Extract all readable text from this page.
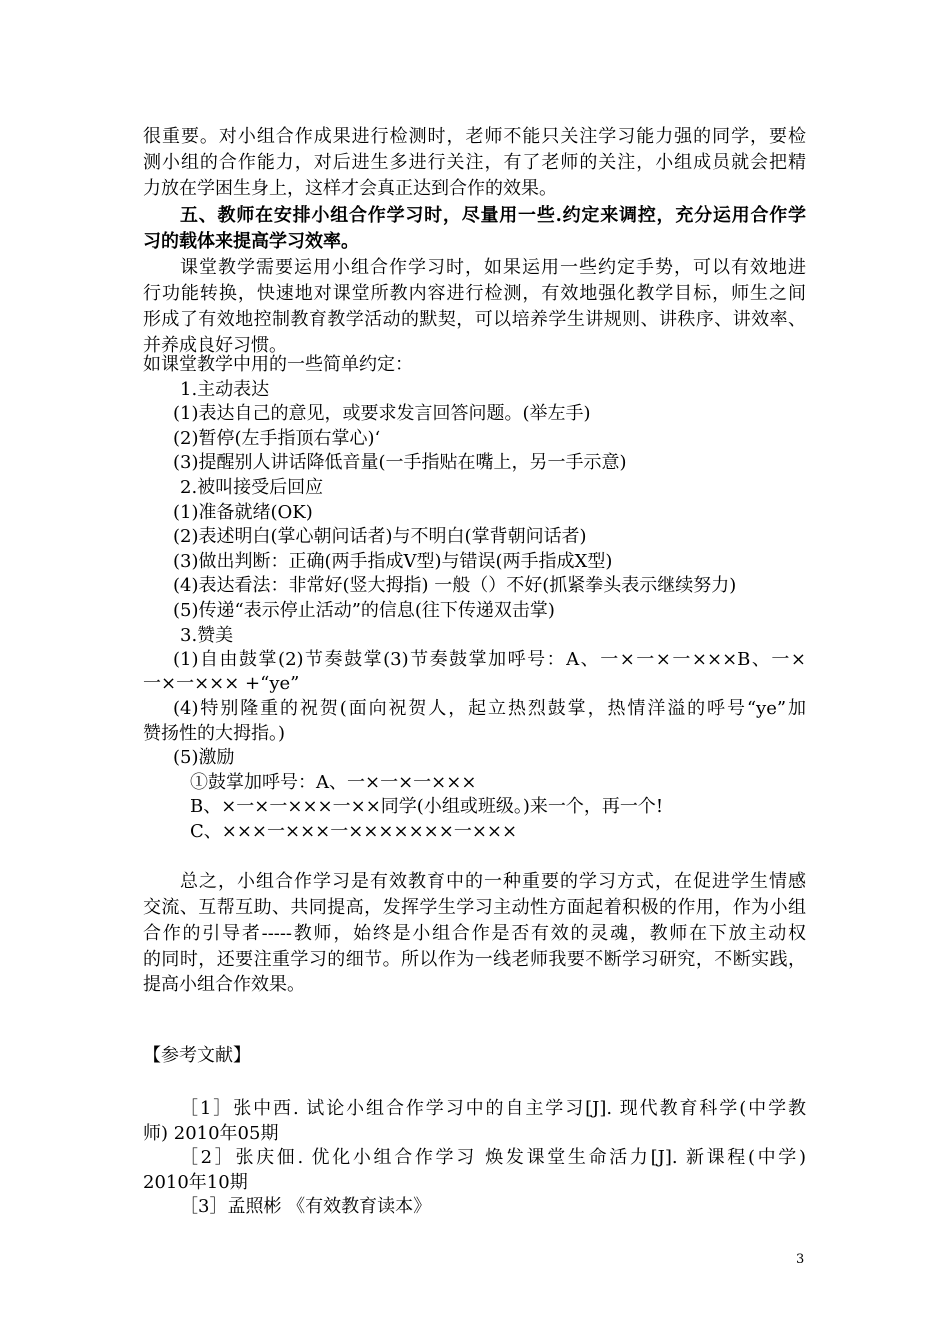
很重要。对小组合作成果进行检测时，老师不能只关注学习能力强的同学，要检
测小组的合作能力，对后进生多进行关注，有了老师的关注，小组成员就会把精
力放在学困生身上，这样才会真正达到合作的效果。
五、教师在安排小组合作学习时，尽量用一些.约定来调控，充分运用合作学
习的载体来提高学习效率。
课堂教学需要运用小组合作学习时，如果运用一些约定手势，可以有效地进
行功能转换，快速地对课堂所教内容进行检测，有效地强化教学目标，师生之间
形成了有效地控制教育教学活动的默契，可以培养学生讲规则、讲秩序、讲效率、
并养成良好习惯。
如课堂教学中用的一些简单约定：
1.主动表达
(1)表达自己的意见，或要求发言回答问题。(举左手)
(2)暂停(左手指顶右掌心)‘
(3)提醒别人讲话降低音量(一手指贴在嘴上，另一手示意)
2.被叫接受后回应
(1)准备就绪(OK)
(2)表述明白(掌心朝问话者)与不明白(掌背朝问话者)
(3)做出判断：正确(两手指成Ⅴ型)与错误(两手指成Ⅹ型)
(4)表达看法：非常好(竖大拇指) 一般（）不好(抓紧拳头表示继续努力)
(5)传递“表示停止活动”的信息(往下传递双击掌)
3.赞美
(1)自由鼓掌(2)节奏鼓掌(3)节奏鼓掌加呼号：A、一×一×一×××B、一×
一×一××× +“ye”
(4)特别隆重的祝贺(面向祝贺人，起立热烈鼓掌，热情洋溢的呼号“ye”加
赞扬性的大拇指。)
(5)激励
①鼓掌加呼号：A、一×一×一×××
B、×一×一×××一××同学(小组或班级。)来一个，再一个!
C、×××一×××一×××××××一×××
总之，小组合作学习是有效教育中的一种重要的学习方式，在促进学生情感
交流、互帮互助、共同提高，发挥学生学习主动性方面起着积极的作用，作为小组
合作的引导者-----教师，始终是小组合作是否有效的灵魂，教师在下放主动权
的同时，还要注重学习的细节。所以作为一线老师我要不断学习研究，不断实践，
提高小组合作效果。
【参考文献】
［1］张中西. 试论小组合作学习中的自主学习[J]. 现代教育科学(中学教
师) 2010年05期
［2］张庆佃. 优化小组合作学习 焕发课堂生命活力[J]. 新课程(中学)
2010年10期
［3］孟照彬 《有效教育读本》
3
